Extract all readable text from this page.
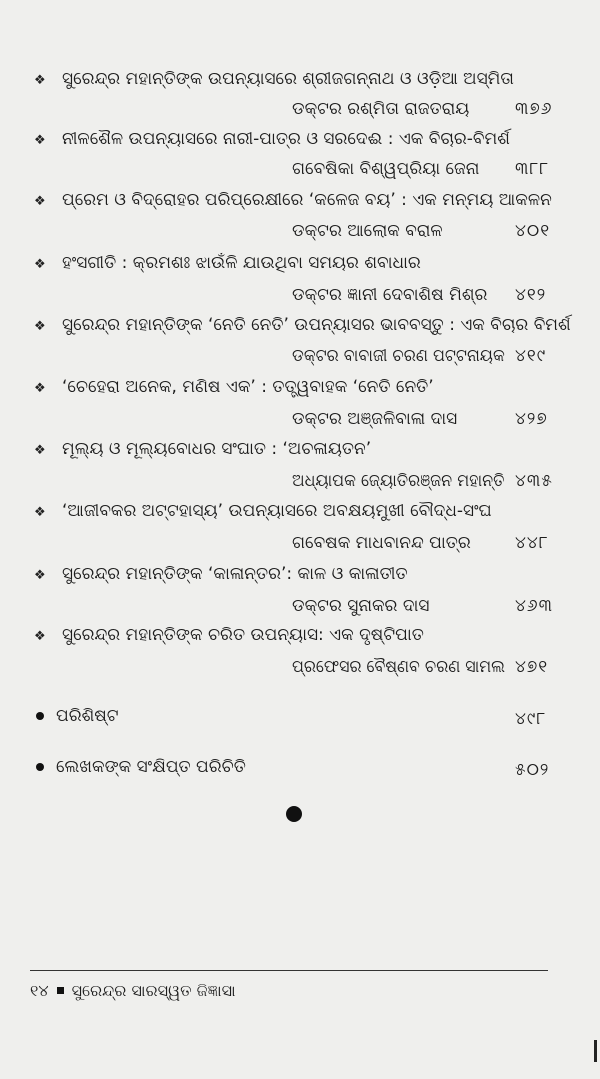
❖ ସୁରେନ୍ଦ୍ର ମହାନ୍ତିଙ୍କ ଉପନ୍ୟାସରେ ଶ୍ରୀଜଗନ୍ନାଥ ଓ ଓଡ଼ିଆ ଅସ୍ମିତା
ଡକ୍ଟର ରଶ୍ମିତା ରାଜତରାୟ	୩୭୬
❖ ନୀଳଶୈଳ ଉପନ୍ୟାସରେ ନାରୀ-ପାତ୍ର ଓ ସରଦେଈ : ଏକ ବିଚାର-ବିମର୍ଶ
ଗବେଷିକା ବିଶ୍ୱପ୍ରିୟା ଜେନା ୩୮୮
❖ ପ୍ରେମ ଓ ବିଦ୍ରୋହର ପରିପ୍ରେକ୍ଷୀରେ ‘କଳେଜ ବୟ’ : ଏକ ମନ୍ମୟ ଆକଳନ
ଡକ୍ଟର ଆଲୋକ ବରାଳ	୪୦୧
❖ ହଂସଗୀତି : କ୍ରମଶଃ ଝାଉଁଳି ଯାଉଥିବା ସମୟର ଶବାଧାର
ଡକ୍ଟର ଜ୍ଞାନୀ ଦେବାଶିଷ ମିଶ୍ର ୪୧୨
❖ ସୁରେନ୍ଦ୍ର ମହାନ୍ତିଙ୍କ ‘ନେତି ନେତି’ ଉପନ୍ୟାସର ଭାବବସ୍ତୁ : ଏକ ବିଚାର ବିମର୍ଶ
ଡକ୍ଟର ବାବାଜୀ ଚରଣ ପଟ୍ଟନାୟକ ୪୧୯
❖ ‘ଚେହେରା ଅନେକ, ମଣିଷ ଏକ’ : ତତ୍ତ୍ୱବାହକ ‘ନେତି ନେତି’
ଡକ୍ଟର ଅଞ୍ଜଳିବାଳା ଦାସ	୪୨୭
❖ ମୂଲ୍ୟ ଓ ମୂଲ୍ୟବୋଧର ସଂଘାତ : ‘ଅଚଳାୟତନ’
ଅଧ୍ୟାପକ ଜ୍ୟୋତିରଞ୍ଜନ ମହାନ୍ତି ୪୩୫
❖ ‘ଆଜୀବକର ଅଟ୍ଟହାସ୍ୟ’ ଉପନ୍ୟାସରେ ଅବକ୍ଷୟମୁଖୀ ବୌଦ୍ଧ-ସଂଘ
ଗବେଷକ ମାଧବାନନ୍ଦ ପାତ୍ର	୪୪୮
❖ ସୁରେନ୍ଦ୍ର ମହାନ୍ତିଙ୍କ ‘କାଳାନ୍ତର’: କାଳ ଓ କାଳାତୀତ
ଡକ୍ଟର ସୁନାକର ଦାସ	୪୬୩
❖ ସୁରେନ୍ଦ୍ର ମହାନ୍ତିଙ୍କ ଚରିତ ଉପନ୍ୟାସ: ଏକ ଦୃଷ୍ଟିପାତ
ପ୍ରଫେସର ବୈଷ୍ଣବ ଚରଣ ସାମଲ ୪୭୧
ପରିଶିଷ୍ଟ	୪୯୮
ଲେଖକଙ୍କ ସଂକ୍ଷିପ୍ତ ପରିଚିତି	୫୦୨
୧୪ ସୁରେନ୍ଦ୍ର ସାରସ୍ୱତ ଜିଜ୍ଞାସା
